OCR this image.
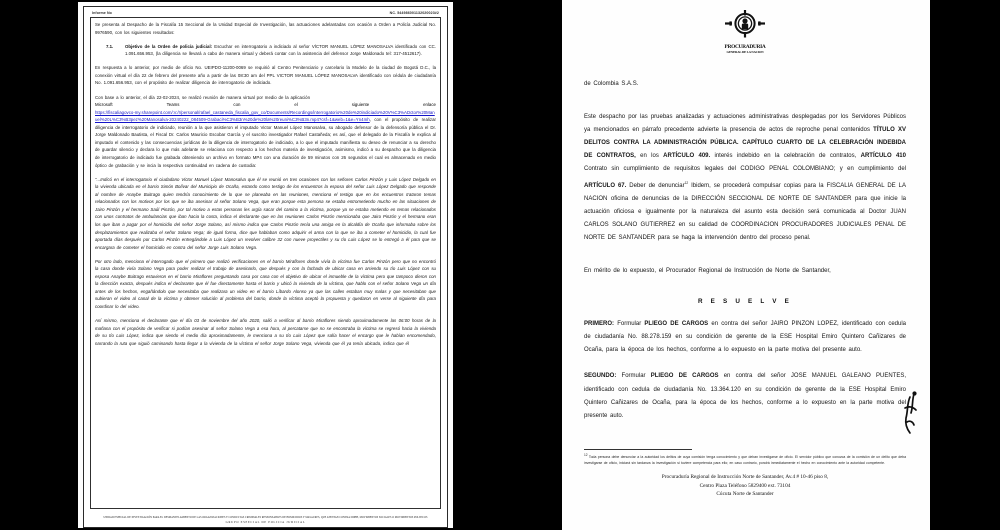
Informe No	NC. 544986001132020023#2

Se presenta al Despacho de la Fiscalía 15 Seccional de la Unidad Especial de Investigación, las actuaciones adelantadas con ocasión a Orden a Policía Judicial No. 9976590, con los siguientes resultados:

7.1.	Objetivo de la Orden de policía judicial: Escuchar en interrogatorio a indiciado al señor VÍCTOR MANUEL LÓPEZ MANOSALVA identificado con CC. 1.091.656.953, (la diligencia se llevará a cabo de manera virtual y deberá contar con la asistencia del defensor Jorge Maldonado tel: 317-4512617).

En respuesta a lo anterior, por medio de oficio No. UEIPDO-11200-0069 se requirió al Centro Penitenciario y carcelario la Modelo de la ciudad de Bogotá D.C., la conexión virtual el día 22 de febrero del presente año a partir de las 08:30 am del PPL VICTOR MANUEL LÓPEZ MANOSALVA identificado con cédula de ciudadanía No. 1.091.656.953, con el propósito de realizar diligencia de interrogatorio de indiciado.

Con base a lo anterior, el día 22-02-2024, se realizó reunión de manera virtual por medio de la aplicación

Microsoft	Teams	con	el	siguiente	enlace

https://fiscaliagovco-my.sharepoint.com/:v:/r/personal/rafael_castaneda_fiscalia_gov_co/Documents/Recordings/interrogatorio%20de%20indiciado%20V%C3%ADctor%20Manuel%20L%C3%B3pez%20Manosalva-20240222_084509-Grabaci%C3%B3n%20de%20la%20reuni%C3%B3n.mp4?csf=1&web=1&e=Yn4mh, con el propósito de realizar diligencia de interrogatorio de indiciado, reunión a la que asistieron el imputado Victor Manuel López Manosalva, su abogado defensor de la defensoría pública el Dr. Jorge Maldonado Bautista, el Fiscal Dr. Carlos Mauricio Escobar García y el suscrito investigador Rafael Castañeda; es así, que el delegado de la Fiscalía le explica al imputado el contenido y las consecuencias jurídicas de la diligencia de interrogatorio de indiciado, a lo que el imputado manifiesta su deseo de renunciar a su derecho de guardar silencio y declara lo que más adelante se relaciona con respecto a los hechos materia de investigación, asimismo, indicó a su despacho que la diligencia de interrogatorio de indiciado fue grabada obteniendo un archivo en formato MP4 con una duración de 59 minutos con 26 segundos el cual es almacenado en medio óptico de grabación y se incia la respectiva continuidad en cadena de custodia:

"...Indicó en el interrogatorio el ciudadano Victor Manuel López Manosalva que él se reunió en tres ocasiones con los señores Carlos Pinzón y Luis López Delgado en la vivienda ubicada en el barrio Simón Bolívar del Municipio de Ocaña, estando como testigo de los encuentros la esposa del señor Luis López Delgado que responde al nombre de Anaybe Buitrago quien tendría conocimiento de lo que se planeaba en las reuniones, menciona el testigo que en los encuentros trataron temas relacionados con los motivos por los que se iba asesinar al señor Solano Vega, que eran porque esta persona se estaba entrometiendo mucho en las situaciones de Jairo Pinzón y el hermano Saúl Pinzón, por tal motivo a estas personas les urgía sacar del camino a la víctima, porque ya se estaba metiendo en temas relacionados con unos contratos de ambulancias que iban hacia la costa, indica el declarante que en las reuniones Carlos Pinzón mencionaba que Jairo Pinzón y el hermano eran los que iban a pagar por el homicidio del señor Jorge Solano, así mismo indica que Carlos Pinzón tenía una amiga en la alcaldía de Ocaña que informaba sobre los desplazamientos que realizaba el señor Solano Vega; de igual forma, dice que hablaban como adquirir el arma con la que se iba a cometer el homicidio, la cual fue aportada días después por Carlos Pinzón entregándole a Luis López un revolver calibre 32 con nueve proyectiles y su tío Luis López se lo entregó a él para que se encargara de cometer el homicidio en contra del señor Jorge Luis Solano Vega.

Por otro lado, menciona el interrogado que el primero que realizó verificaciones en el barrio Miraflores donde vivía la víctima fue Carlos Pinzón pero que no encontró la casa donde vivía Solano Vega para poder realizar el trabajo de asesinarlo, que después y con la fachada de ubicar casa en arriendo su tío Luis López con su esposa Anaybe Buitrago estuvieron en el barrio Miraflores preguntando casa por casa con el objetivo de ubicar el inmueble de la víctima pero que tampoco dieron con la dirección exacta, después indica el declarante que él fue directamente hasta el barrio y ubicó la vivienda de la víctima, que hablo con el señor Solano Vega un día antes de los hechos, engañándolo que necesitaba que realizara un video en el barrio Líbardo Alonso ya que las calles estaban muy malas y que necesitaban que subieran el video al canal de la víctima y obtener solución al problema del barrio, donde la víctima aceptó la propuesta y quedaron en verse al siguiente día para coordinar lo del video.

Así mismo, menciona el declarante que el día 03 de noviembre del año 2020, salió a verificar al barrio Miraflores siendo aproximadamente las 06:00 horas de la mañana con el propósito de verificar si podían asesinar al señor Solano Vega a esa hora, al percatarse que no se encontraba la víctima se regresó hacia la vivienda de su tío Luis López, indica que siendo el medio día aproximadamente, le menciona a su tío Luis López que salía hacer el encargo que le habían encomendado, narrando la ruta que siguió caminando hasta llegar a la vivienda de la víctima el señor Jorge Solano Vega, vivienda que él ya tenía ubicada, indica que él

UNIDAD ESPECIAL DE INVESTIGACIÓN PARA EL DESMANTELAMIENTO DE LAS ORGANIZACIONES Y CONDUCTAS CRIMINALES RESPONSABLES DE HOMICIDIOS Y MASACRES, QUE ATENTAN CONTRA DDHH, MOVIMIENTOS SOCIALES O MOVIMIENTOS POLITICOS
GRUPO ESPECIAL DE POLICIA JUDICIAL
PROCURADURIA
GENERAL DE LA NACION

de Colombia S.A.S.

Este despacho por las pruebas analizadas y actuaciones administrativas desplegadas por los Servidores Públicos ya mencionados en párrafo precedente advierte la presencia de actos de reproche penal contenidos TÍTULO XV DELITOS CONTRA LA ADMINISTRACIÓN PÚBLICA. CAPÍTULO CUARTO DE LA CELEBRACIÓN INDEBIDA DE CONTRATOS, en los ARTÍCULO 409. interés indebido en la celebración de contratos, ARTÍCULO 410 Contrato sin cumplimiento de requisitos legales del CODIGO PENAL COLOMBIANO; y en cumplimiento del ARTÍCULO 67. Deber de denunciar$^{12}$ Ibidem, se procederá compulsar copias para la FISCALIA GENERAL DE LA NACION oficina de denuncias de la DIRECCIÓN SECCIONAL DE NORTE DE SANTANDER para que inicie la actuación oficiosa e igualmente por la naturaleza del asunto esta decisión será comunicada al Doctor JUAN CARLOS SOLANO GUTIERREZ en su calidad de COORDINACION PROCURADORES JUDICIALES PENAL DE NORTE DE SANTANDER para se haga la intervención dentro del proceso penal.

En mérito de lo expuesto, el Procurador Regional de Instrucción de Norte de Santander,

R E S U E L V E

PRIMERO: Formular PLIEGO DE CARGOS en contra del señor JAIRO PINZON LOPEZ, identificado con cedula de ciudadanía No. 88.278.159 en su condición de gerente de la ESE Hospital Emiro Quintero Cañizares de Ocaña, para la época de los hechos, conforme a lo expuesto en la parte motiva del presente auto.

SEGUNDO: Formular PLIEGO DE CARGOS en contra del señor JOSE MANUEL GALEANO PUENTES, identificado con cedula de ciudadanía No. 13.364.120 en su condición de gerente de la ESE Hospital Emiro Quintero Cañizares de Ocaña, para la época de los hechos, conforme a lo expuesto en la parte motiva del presente auto.

$^{12}$ Toda persona debe denunciar a la autoridad los delitos de cuya comisión tenga conocimiento y que deban investigarse de oficio. El servidor público que conozca de la comisión de un delito que deba investigarse de oficio, iniciará sin tardanza la investigación si tuviere competencia para ello; en caso contrario, pondrá inmediatamente el hecho en conocimiento ante la autoridad competente.

Procuraduría Regional de Instrucción Norte de Santander, Av.4 # 10-46 piso 8,
Centro Plaza Teléfono 5829400 ext. 73104
Cúcuta Norte de Santander
